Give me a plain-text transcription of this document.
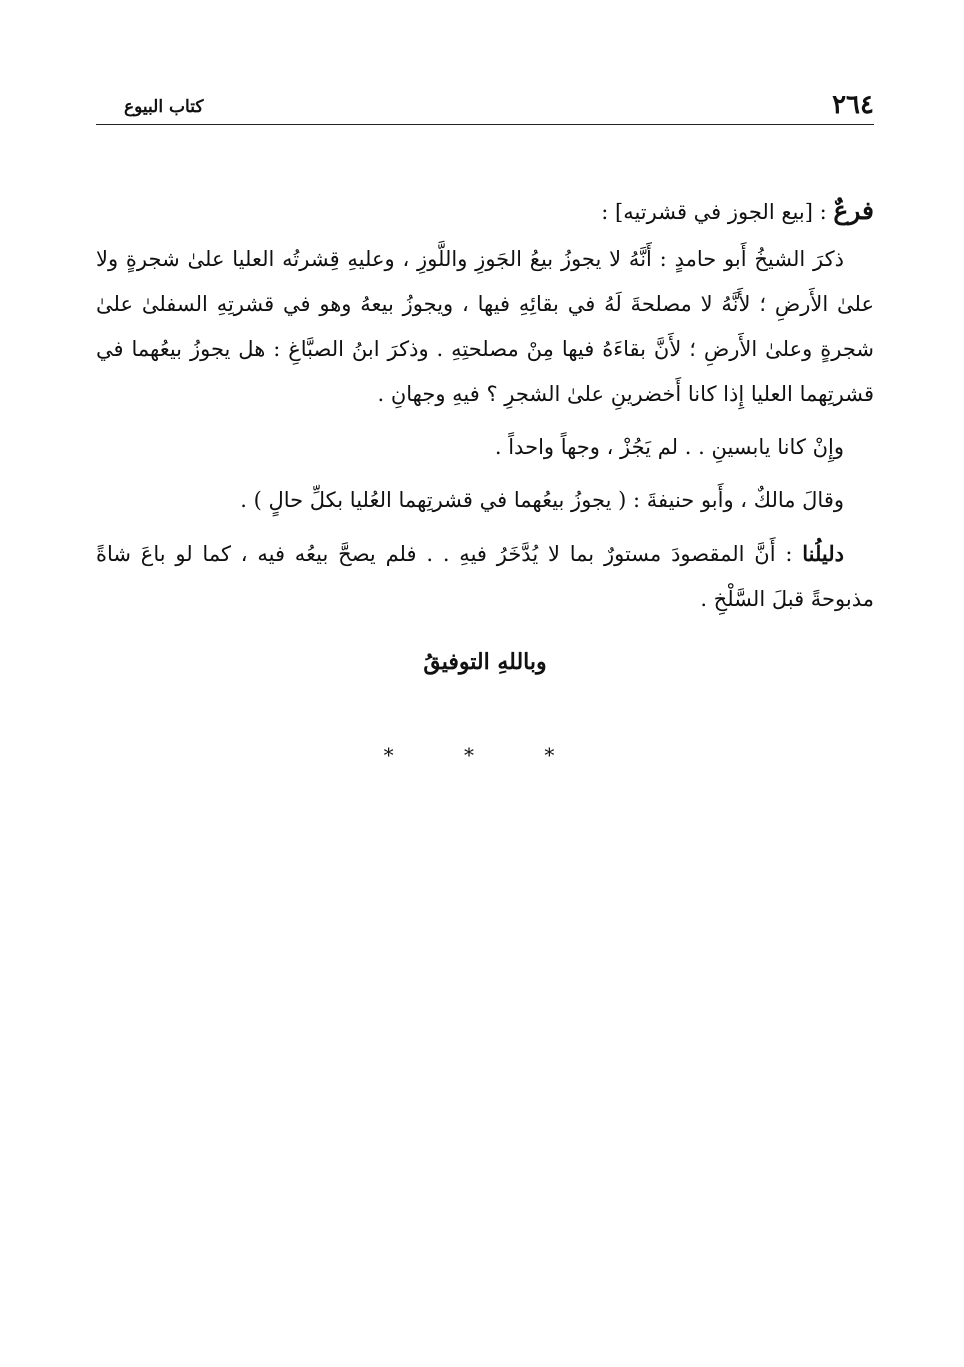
٢٦٤
كتاب البيوع

فرعٌ : [بيع الجوز في قشرتيه] :

ذكرَ الشيخُ أَبو حامدٍ : أَنَّهُ لا يجوزُ بيعُ الجَوزِ واللَّوزِ ، وعليهِ قِشرتُه العليا علىٰ شجرةٍ ولا علىٰ الأَرضِ ؛ لأَنَّهُ لا مصلحةَ لَهُ في بقائِهِ فيها ، ويجوزُ بيعهُ وهو في قشرتِهِ السفلىٰ علىٰ شجرةٍ وعلىٰ الأَرضِ ؛ لأَنَّ بقاءَهُ فيها مِنْ مصلحتِهِ . وذكرَ ابنُ الصبَّاغِ : هل يجوزُ بيعُهما في قشرتِهما العليا إِذا كانا أَخضرينِ علىٰ الشجرِ ؟ فيهِ وجهانِ .

وإِنْ كانا يابسينِ . . لم يَجُزْ ، وجهاً واحداً .

وقالَ مالكٌ ، وأَبو حنيفةَ : ( يجوزُ بيعُهما في قشرتِهما العُليا بكلِّ حالٍ ) .

دليلُنا : أَنَّ المقصودَ مستورٌ بما لا يُدَّخَرُ فيهِ . . فلم يصحَّ بيعُه فيه ، كما لو باعَ شاةً مذبوحةً قبلَ السَّلْخِ .

وباللهِ التوفيقُ

* * *
